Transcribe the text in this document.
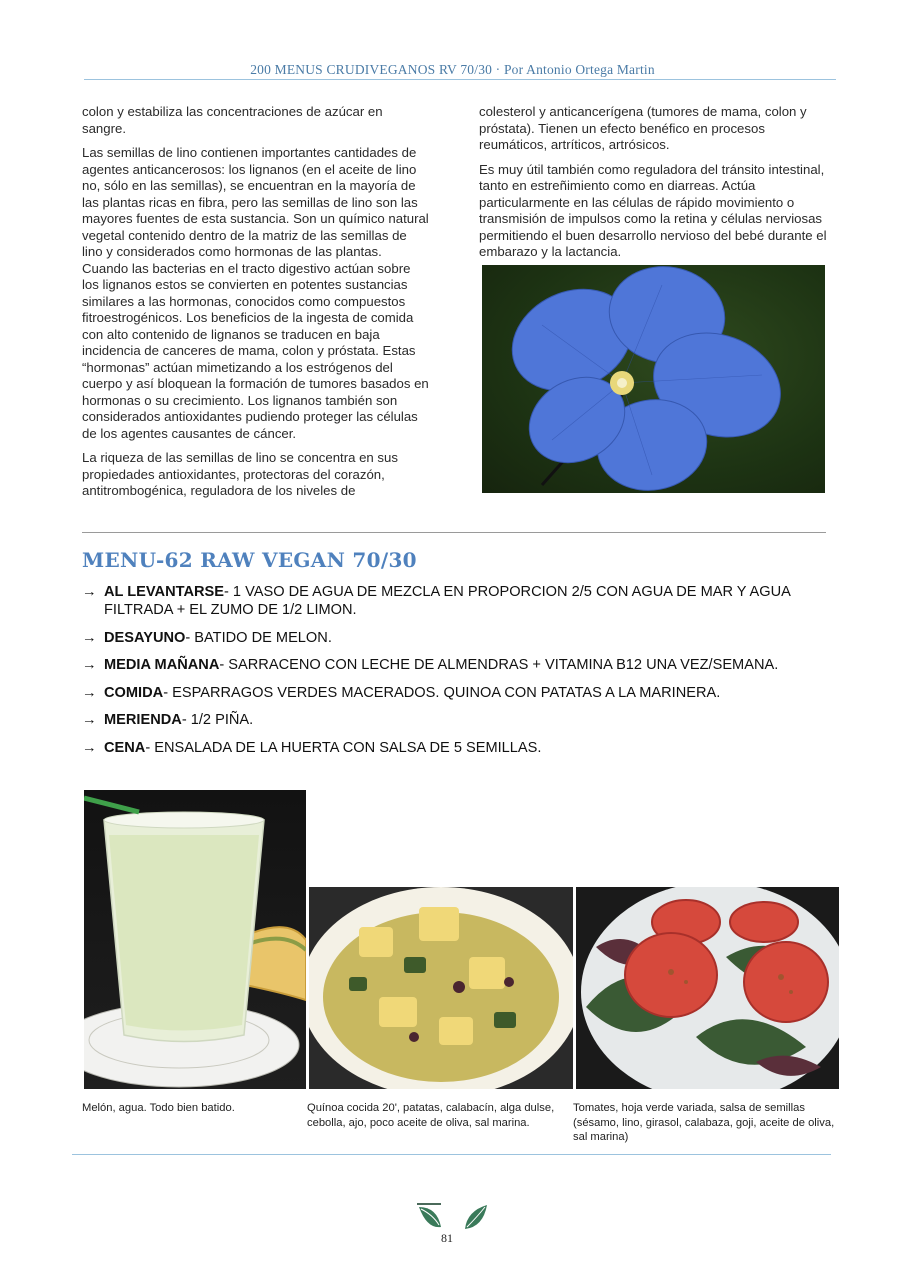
200 MENUS CRUDIVEGANOS RV 70/30 · Por Antonio Ortega Martin

colon y estabiliza las concentraciones de azúcar en sangre.

Las semillas de lino contienen importantes cantidades de agentes anticancerosos: los lignanos (en el aceite de lino no, sólo en las semillas), se encuentran en la mayoría de las plantas ricas en fibra, pero las semillas de lino son las mayores fuentes de esta sustancia. Son un químico natural vegetal contenido dentro de la matriz de las semillas de lino y considerados como hormonas de las plantas. Cuando las bacterias en el tracto digestivo actúan sobre los lignanos estos se convierten en potentes sustancias similares a las hormonas, conocidos como compuestos fitroestrogénicos. Los beneficios de la ingesta de comida con alto contenido de lignanos se traducen en baja incidencia de canceres de mama, colon y próstata. Estas “hormonas” actúan mimetizando a los estrógenos del cuerpo y así bloquean la formación de tumores basados en hormonas o su crecimiento. Los lignanos también son considerados antioxidantes pudiendo proteger las células de los agentes causantes de cáncer.

La riqueza de las semillas de lino se concentra en sus propiedades antioxidantes, protectoras del corazón, antitrombogénica, reguladora de los niveles de

colesterol y anticancerígena (tumores de mama, colon y próstata). Tienen un efecto benéfico en procesos reumáticos, artríticos, artrósicos.

Es muy útil también como reguladora del tránsito intestinal, tanto en estreñimiento como en diarreas. Actúa particularmente en las células de rápido movimiento o transmisión de impulsos como la retina y células nerviosas permitiendo el buen desarrollo nervioso del bebé durante el embarazo y la lactancia.

MENU-62 RAW VEGAN 70/30
→ AL LEVANTARSE- 1 VASO DE AGUA DE MEZCLA EN PROPORCION 2/5 CON AGUA DE MAR Y AGUA FILTRADA + EL ZUMO DE 1/2 LIMON.
→ DESAYUNO- BATIDO DE MELON.
→ MEDIA MAÑANA- SARRACENO CON LECHE DE ALMENDRAS + VITAMINA B12 UNA VEZ/SEMANA.
→ COMIDA- ESPARRAGOS VERDES MACERADOS. QUINOA CON PATATAS A LA MARINERA.
→ MERIENDA- 1/2 PIÑA.
→ CENA- ENSALADA DE LA HUERTA CON SALSA DE 5 SEMILLAS.
Melón, agua. Todo bien batido.	Quínoa cocida 20', patatas, calabacín, alga dulse, cebolla, ajo, poco aceite de oliva, sal marina.
Tomates, hoja verde variada, salsa de semillas (sésamo, lino, girasol, calabaza, goji, aceite de oliva, sal marina)
81
